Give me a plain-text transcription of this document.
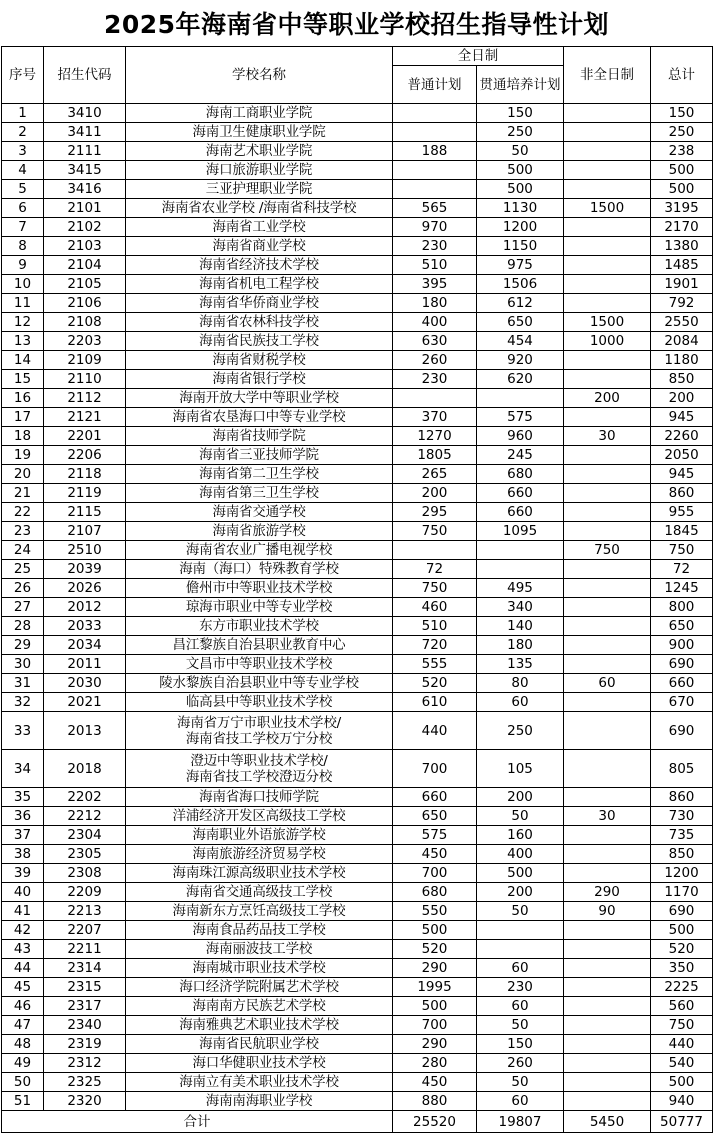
2025年海南省中等职业学校招生指导性计划
序号	招生代码	学校名称	全日制		非全日制	总计
			普通计划	贯通培养计划		
1	3410	海南工商职业学院		150		150
2	3411	海南卫生健康职业学院		250		250
3	2111	海南艺术职业学院	188	50		238
4	3415	海口旅游职业学院		500		500
5	3416	三亚护理职业学院		500		500
6	2101	海南省农业学校 /海南省科技学校	565	1130	1500	3195
7	2102	海南省工业学校	970	1200		2170
8	2103	海南省商业学校	230	1150		1380
9	2104	海南省经济技术学校	510	975		1485
10	2105	海南省机电工程学校	395	1506		1901
11	2106	海南省华侨商业学校	180	612		792
12	2108	海南省农林科技学校	400	650	1500	2550
13	2203	海南省民族技工学校	630	454	1000	2084
14	2109	海南省财税学校	260	920		1180
15	2110	海南省银行学校	230	620		850
16	2112	海南开放大学中等职业学校			200	200
17	2121	海南省农垦海口中等专业学校	370	575		945
18	2201	海南省技师学院	1270	960	30	2260
19	2206	海南省三亚技师学院	1805	245		2050
20	2118	海南省第二卫生学校	265	680		945
21	2119	海南省第三卫生学校	200	660		860
22	2115	海南省交通学校	295	660		955
23	2107	海南省旅游学校	750	1095		1845
24	2510	海南省农业广播电视学校			750	750
25	2039	海南（海口）特殊教育学校	72			72
26	2026	儋州市中等职业技术学校	750	495		1245
27	2012	琼海市职业中等专业学校	460	340		800
28	2033	东方市职业技术学校	510	140		650
29	2034	昌江黎族自治县职业教育中心	720	180		900
30	2011	文昌市中等职业技术学校	555	135		690
31	2030	陵水黎族自治县职业中等专业学校	520	80	60	660
32	2021	临高县中等职业技术学校	610	60		670
33	2013	海南省万宁市职业技术学校/
海南省技工学校万宁分校	440	250		690
34	2018	澄迈中等职业技术学校/
海南省技工学校澄迈分校	700	105		805
35	2202	海南省海口技师学院	660	200		860
36	2212	洋浦经济开发区高级技工学校	650	50	30	730
37	2304	海南职业外语旅游学校	575	160		735
38	2305	海南旅游经济贸易学校	450	400		850
39	2308	海南珠江源高级职业技术学校	700	500		1200
40	2209	海南省交通高级技工学校	680	200	290	1170
41	2213	海南新东方烹饪高级技工学校	550	50	90	690
42	2207	海南食品药品技工学校	500			500
43	2211	海南丽波技工学校	520			520
44	2314	海南城市职业技术学校	290	60		350
45	2315	海口经济学院附属艺术学校	1995	230		2225
46	2317	海南南方民族艺术学校	500	60		560
47	2340	海南雅典艺术职业技术学校	700	50		750
48	2319	海南省民航职业学校	290	150		440
49	2312	海口华健职业技术学校	280	260		540
50	2325	海南立有美术职业技术学校	450	50		500
51	2320	海南南海职业学校	880	60		940
合计			25520	19807	5450	50777
